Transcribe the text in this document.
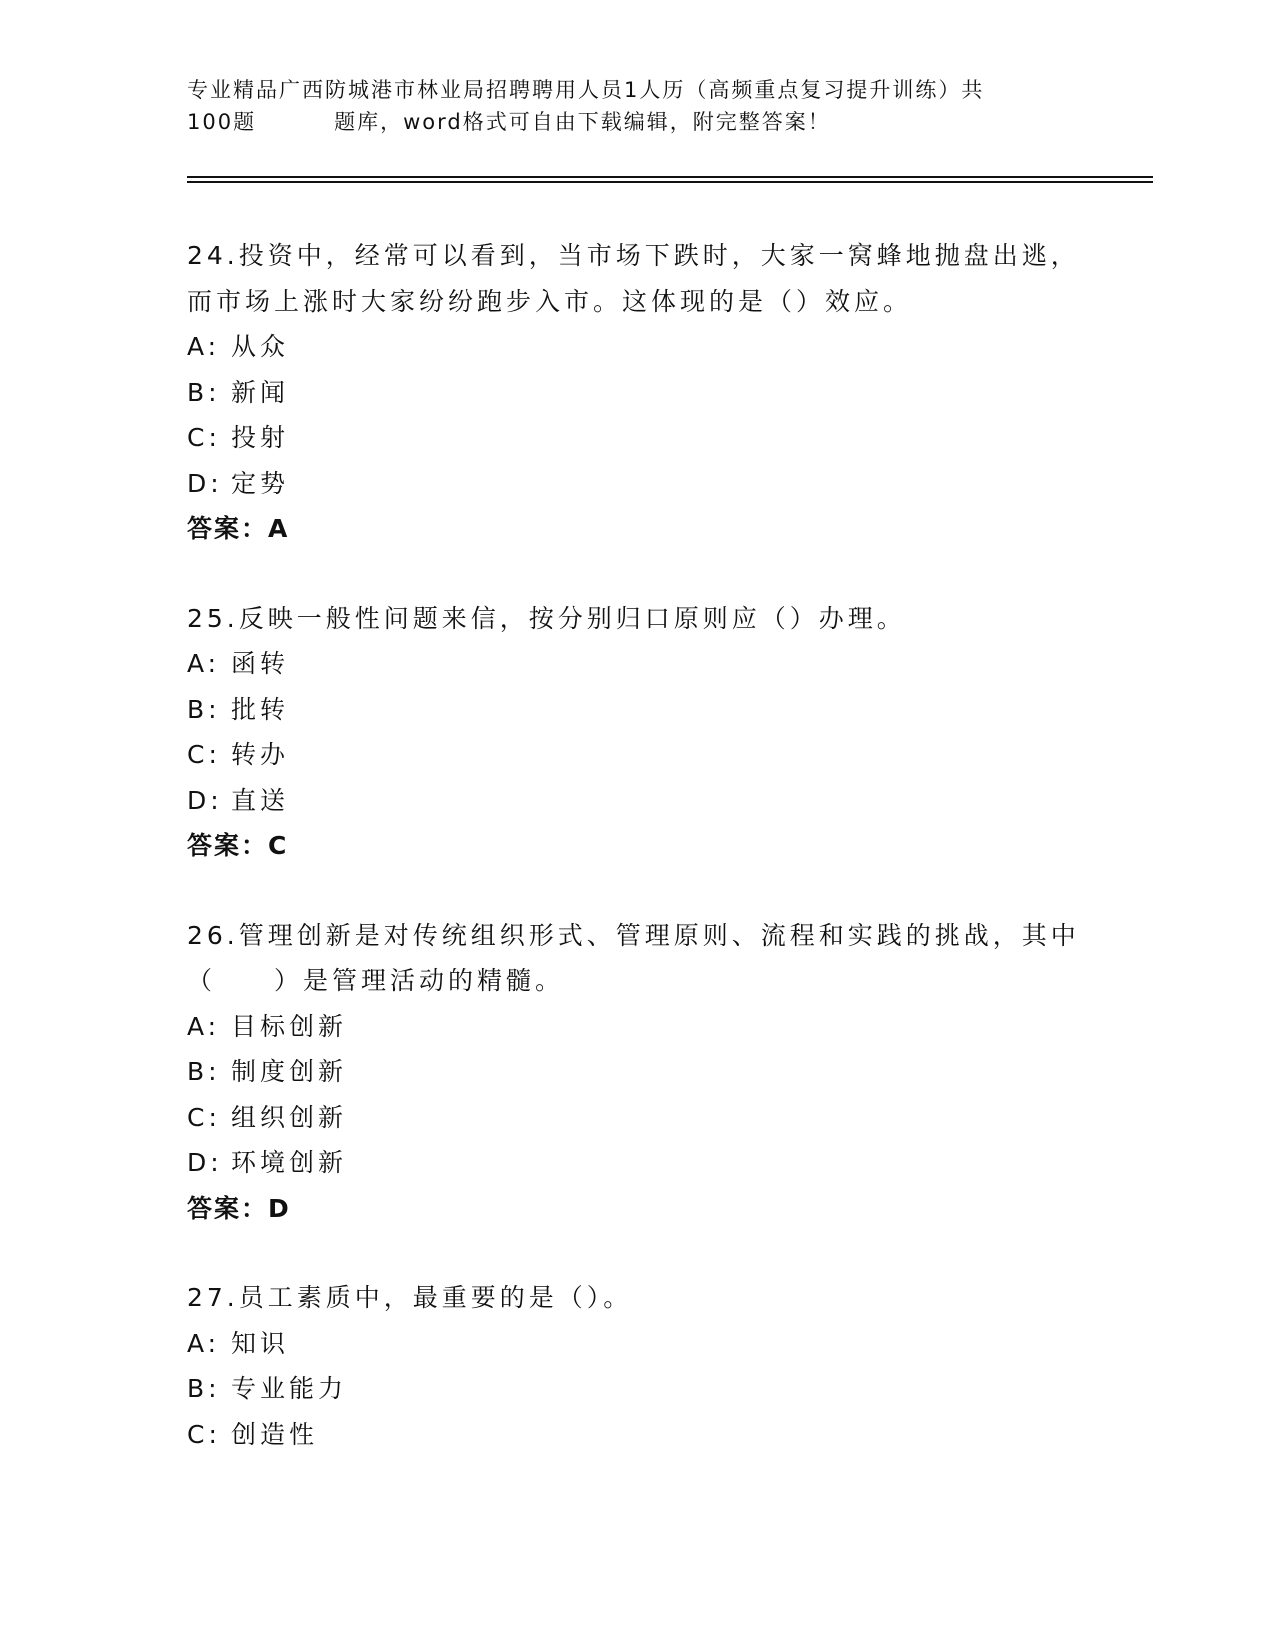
专业精品广西防城港市林业局招聘聘用人员1人历（高频重点复习提升训练）共
100题	题库，word格式可自由下载编辑，附完整答案！
24.投资中，经常可以看到，当市场下跌时，大家一窝蜂地抛盘出逃，
而市场上涨时大家纷纷跑步入市。这体现的是（）效应。
A: 从众
B: 新闻
C: 投射
D: 定势
答案：A
25.反映一般性问题来信，按分别归口原则应（）办理。
A: 函转
B: 批转
C: 转办
D: 直送
答案：C
26.管理创新是对传统组织形式、管理原则、流程和实践的挑战，其中
（　　）是管理活动的精髓。
A: 目标创新
B: 制度创新
C: 组织创新
D: 环境创新
答案：D
27.员工素质中，最重要的是（）。
A: 知识
B: 专业能力
C: 创造性
